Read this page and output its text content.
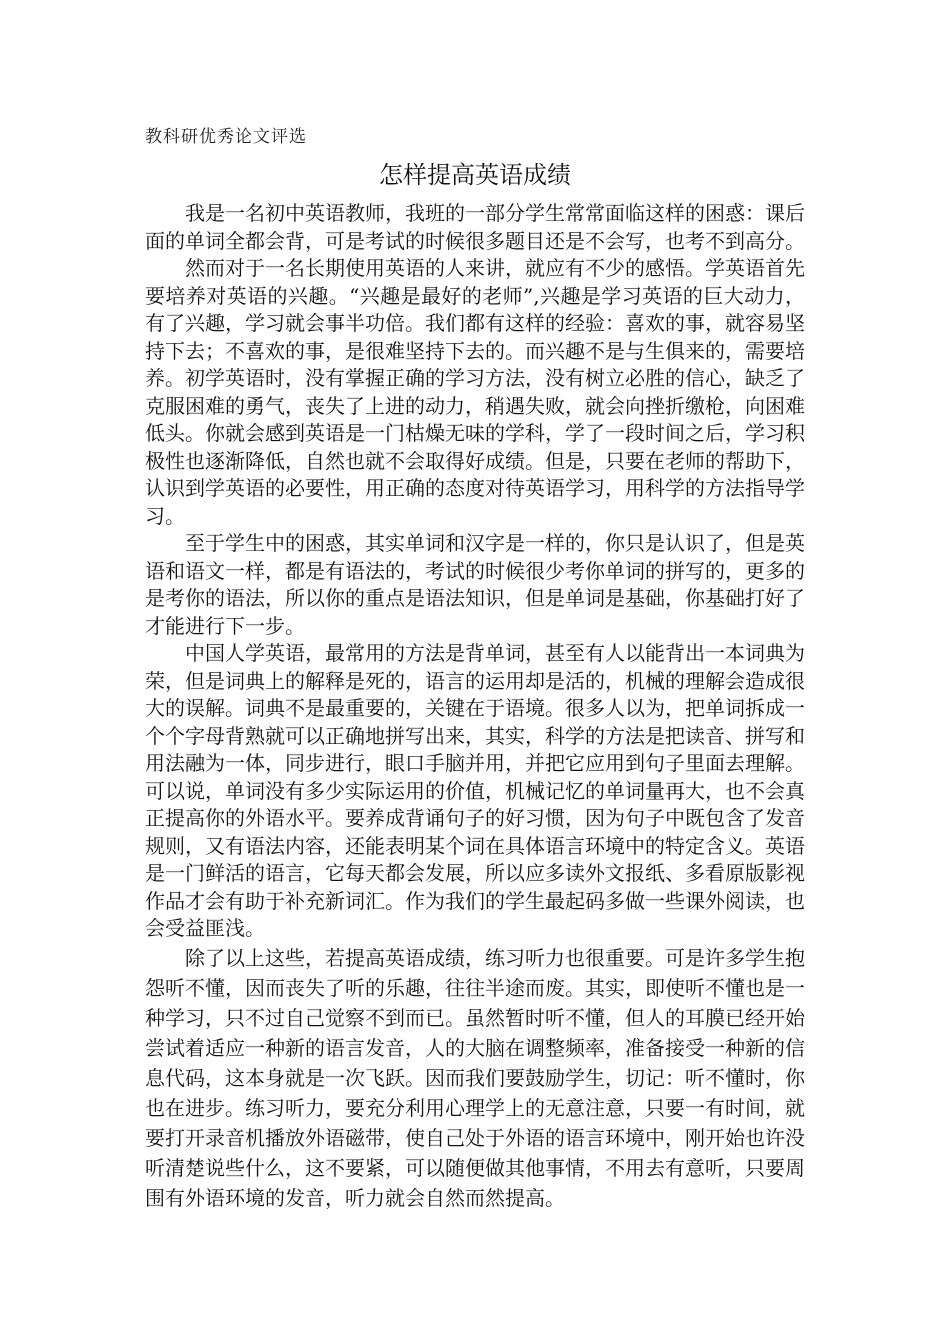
教科研优秀论文评选
怎样提高英语成绩

我是一名初中英语教师，我班的一部分学生常常面临这样的困惑：课后面的单词全都会背，可是考试的时候很多题目还是不会写，也考不到高分。

然而对于一名长期使用英语的人来讲，就应有不少的感悟。学英语首先要培养对英语的兴趣。“兴趣是最好的老师”,兴趣是学习英语的巨大动力，有了兴趣，学习就会事半功倍。我们都有这样的经验：喜欢的事，就容易坚持下去；不喜欢的事，是很难坚持下去的。而兴趣不是与生俱来的，需要培养。初学英语时，没有掌握正确的学习方法，没有树立必胜的信心，缺乏了克服困难的勇气，丧失了上进的动力，稍遇失败，就会向挫折缴枪，向困难低头。你就会感到英语是一门枯燥无味的学科，学了一段时间之后，学习积极性也逐渐降低，自然也就不会取得好成绩。但是，只要在老师的帮助下，认识到学英语的必要性，用正确的态度对待英语学习，用科学的方法指导学习。

至于学生中的困惑，其实单词和汉字是一样的，你只是认识了，但是英语和语文一样，都是有语法的，考试的时候很少考你单词的拼写的，更多的是考你的语法，所以你的重点是语法知识，但是单词是基础，你基础打好了才能进行下一步。

中国人学英语，最常用的方法是背单词，甚至有人以能背出一本词典为荣，但是词典上的解释是死的，语言的运用却是活的，机械的理解会造成很大的误解。词典不是最重要的，关键在于语境。很多人以为，把单词拆成一个个字母背熟就可以正确地拼写出来，其实，科学的方法是把读音、拼写和用法融为一体，同步进行，眼口手脑并用，并把它应用到句子里面去理解。可以说，单词没有多少实际运用的价值，机械记忆的单词量再大，也不会真正提高你的外语水平。要养成背诵句子的好习惯，因为句子中既包含了发音规则，又有语法内容，还能表明某个词在具体语言环境中的特定含义。英语是一门鲜活的语言，它每天都会发展，所以应多读外文报纸、多看原版影视作品才会有助于补充新词汇。作为我们的学生最起码多做一些课外阅读，也会受益匪浅。

除了以上这些，若提高英语成绩，练习听力也很重要。可是许多学生抱怨听不懂，因而丧失了听的乐趣，往往半途而废。其实，即使听不懂也是一种学习，只不过自己觉察不到而已。虽然暂时听不懂，但人的耳膜已经开始尝试着适应一种新的语言发音，人的大脑在调整频率，准备接受一种新的信息代码，这本身就是一次飞跃。因而我们要鼓励学生，切记：听不懂时，你也在进步。练习听力，要充分利用心理学上的无意注意，只要一有时间，就要打开录音机播放外语磁带，使自己处于外语的语言环境中，刚开始也许没听清楚说些什么，这不要紧，可以随便做其他事情，不用去有意听，只要周围有外语环境的发音，听力就会自然而然提高。
